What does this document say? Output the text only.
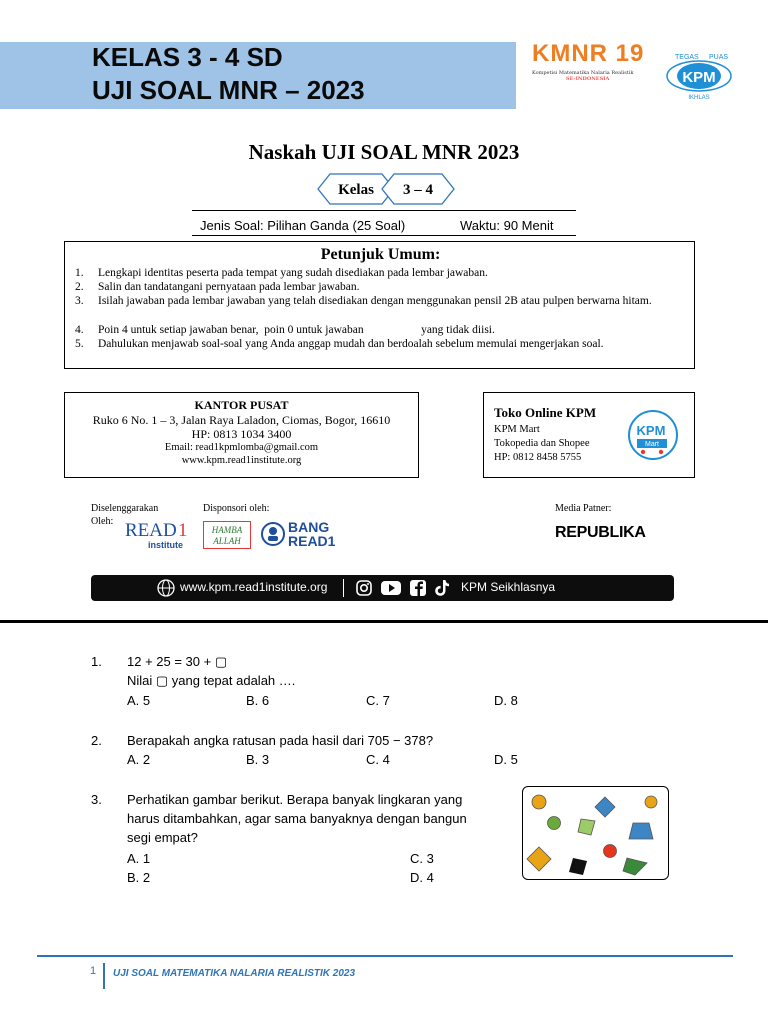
KELAS 3 - 4 SD
UJI SOAL MNR – 2023
KMNR 19
Kompetisi Matematika Nalaria Realistik
SE-INDONESIA
TEGAS PUAS
KPM
IKHLAS
Naskah UJI SOAL MNR 2023
Kelas 3 – 4
Jenis Soal: Pilihan Ganda (25 Soal)	Waktu: 90 Menit
Petunjuk Umum:
1. Lengkapi identitas peserta pada tempat yang sudah disediakan pada lembar jawaban.
2. Salin dan tandatangani pernyataan pada lembar jawaban.
3. Isilah jawaban pada lembar jawaban yang telah disediakan dengan menggunakan pensil 2B atau pulpen berwarna hitam.
4. Poin 4 untuk setiap jawaban benar,  poin 0 untuk jawaban                    yang tidak diisi.
5. Dahulukan menjawab soal-soal yang Anda anggap mudah dan berdoalah sebelum memulai mengerjakan soal.
KANTOR PUSAT
Ruko 6 No. 1 – 3, Jalan Raya Laladon, Ciomas, Bogor, 16610
HP: 0813 1034 3400
Email: read1kpmlomba@gmail.com
www.kpm.read1institute.org
Toko Online KPM
KPM Mart
Tokopedia dan Shopee
HP: 0812 8458 5755
KPM
Mart
Diselenggarakan
Oleh:
Disponsori oleh:	Media Patner:
READ 1
institute
HAMBA
ALLAH
BANG
READ1	REPUBLIKA
www.kpm.read1institute.org	KPM Seikhlasnya
1. 12 + 25 = 30 + ▢
Nilai ▢ yang tepat adalah ….
A. 5	B. 6	C. 7	D. 8
2. Berapakah angka ratusan pada hasil dari 705 − 378?
A. 2	B. 3	C. 4	D. 5
3. Perhatikan gambar berikut. Berapa banyak lingkaran yang
harus ditambahkan, agar sama banyaknya dengan bangun
segi empat?
A. 1	C. 3
B. 2	D. 4
1 UJI SOAL MATEMATIKA NALARIA REALISTIK 2023
